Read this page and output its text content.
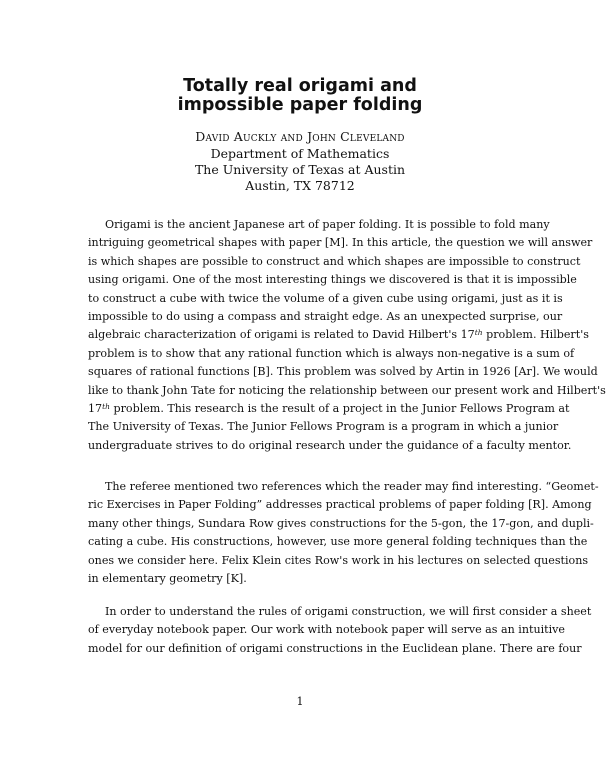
Totally real origami and
impossible paper folding

David Auckly and John Cleveland

Department of Mathematics

The University of Texas at Austin

Austin, TX 78712

Origami is the ancient Japanese art of paper folding. It is possible to fold many
intriguing geometrical shapes with paper [M]. In this article, the question we will answer
is which shapes are possible to construct and which shapes are impossible to construct
using origami. One of the most interesting things we discovered is that it is impossible
to construct a cube with twice the volume of a given cube using origami, just as it is
impossible to do using a compass and straight edge. As an unexpected surprise, our
algebraic characterization of origami is related to David Hilbert's 17th problem. Hilbert's
problem is to show that any rational function which is always non-negative is a sum of
squares of rational functions [B]. This problem was solved by Artin in 1926 [Ar]. We would
like to thank John Tate for noticing the relationship between our present work and Hilbert's
17th problem. This research is the result of a project in the Junior Fellows Program at
The University of Texas. The Junior Fellows Program is a program in which a junior
undergraduate strives to do original research under the guidance of a faculty mentor.
The referee mentioned two references which the reader may find interesting. “Geomet-
ric Exercises in Paper Folding” addresses practical problems of paper folding [R]. Among
many other things, Sundara Row gives constructions for the 5-gon, the 17-gon, and dupli-
cating a cube. His constructions, however, use more general folding techniques than the
ones we consider here. Felix Klein cites Row's work in his lectures on selected questions
in elementary geometry [K].
In order to understand the rules of origami construction, we will first consider a sheet
of everyday notebook paper. Our work with notebook paper will serve as an intuitive
model for our definition of origami constructions in the Euclidean plane. There are four

1
